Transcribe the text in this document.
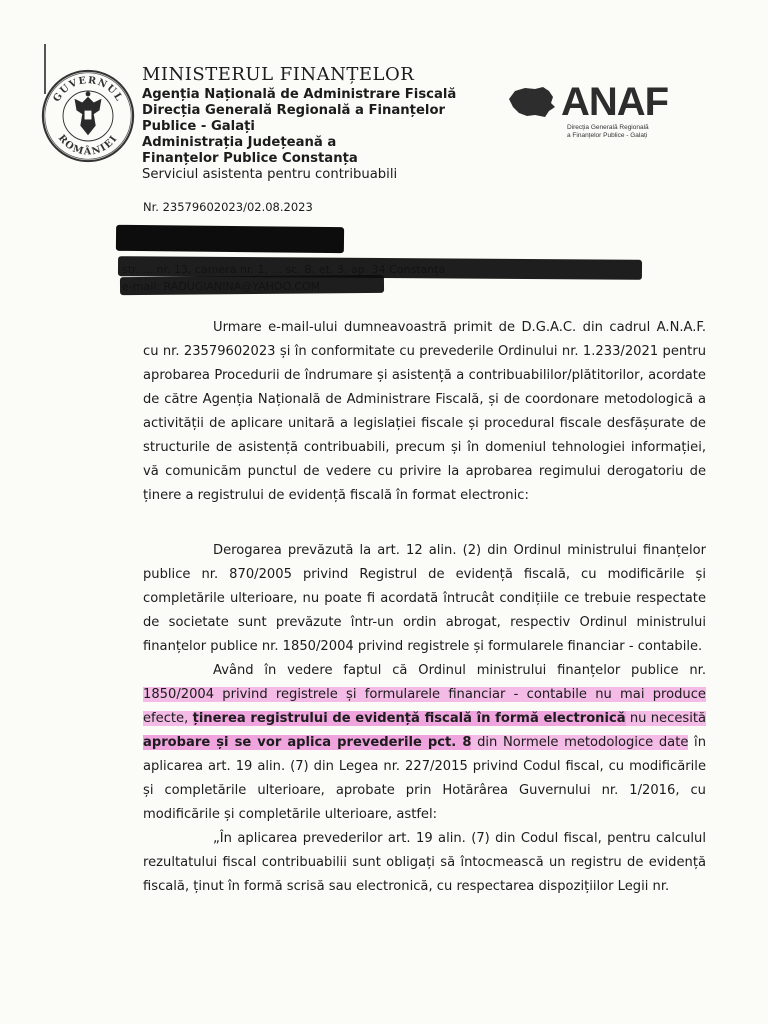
GUVERNUL
ROMÂNIEI
MINISTERUL FINANȚELOR
Agenția Națională de Administrare Fiscală
Direcția Generală Regională a Finanțelor
Publice - Galați
Administrația Județeană a
Finanțelor Publice Constanța
Serviciul asistenta pentru contribuabili
ANAF
Direcția Generală Regională
a Finanțelor Publice - Galați
Nr. 23579602023/02.08.2023

Urmare e-mail-ului dumneavoastră primit de D.G.A.C. din cadrul A.N.A.F. cu nr. 23579602023 și în conformitate cu prevederile Ordinului nr. 1.233/2021 pentru aprobarea Procedurii de îndrumare și asistență a contribuabililor/plătitorilor, acordate de către Agenția Națională de Administrare Fiscală, și de coordonare metodologică a activității de aplicare unitară a legislației fiscale și procedural fiscale desfășurate de structurile de asistență contribuabili, precum și în domeniul tehnologiei informației, vă comunicăm punctul de vedere cu privire la aprobarea regimului derogatoriu de ținere a registrului de evidență fiscală în format electronic:

Derogarea prevăzută la art. 12 alin. (2) din Ordinul ministrului finanțelor publice nr. 870/2005 privind Registrul de evidență fiscală, cu modificările și completările ulterioare, nu poate fi acordată întrucât condițiile ce trebuie respectate de societate sunt prevăzute într-un ordin abrogat, respectiv Ordinul ministrului finanțelor publice nr. 1850/2004 privind registrele și formularele financiar - contabile.

Având în vedere faptul că Ordinul ministrului finanțelor publice nr. 1850/2004 privind registrele și formularele financiar - contabile nu mai produce efecte, ținerea registrului de evidență fiscală în formă electronică nu necesită aprobare și se vor aplica prevederile pct. 8 din Normele metodologice date în aplicarea art. 19 alin. (7) din Legea nr. 227/2015 privind Codul fiscal, cu modificările și completările ulterioare, aprobate prin Hotărârea Guvernului nr. 1/2016, cu modificările și completările ulterioare, astfel:

„În aplicarea prevederilor art. 19 alin. (7) din Codul fiscal, pentru calculul rezultatului fiscal contribuabilii sunt obligați să întocmească un registru de evidență fiscală, ținut în formă scrisă sau electronică, cu respectarea dispozițiilor Legii nr.
